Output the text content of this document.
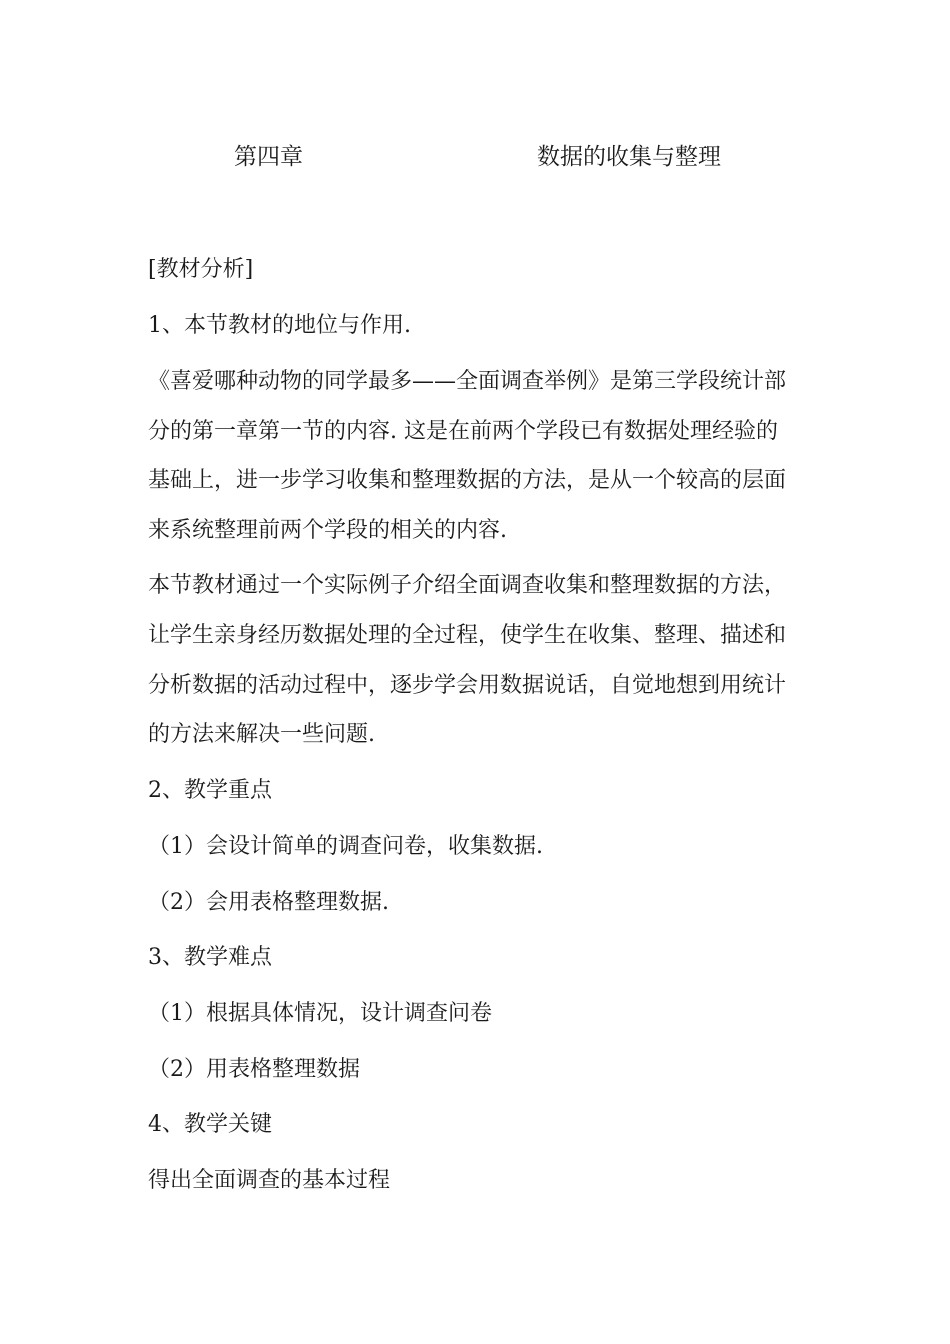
第四章	数据的收集与整理
[教材分析]
1、本节教材的地位与作用.
《喜爱哪种动物的同学最多——全面调查举例》是第三学段统计部
分的第一章第一节的内容. 这是在前两个学段已有数据处理经验的
基础上，进一步学习收集和整理数据的方法，是从一个较高的层面
来系统整理前两个学段的相关的内容.
本节教材通过一个实际例子介绍全面调查收集和整理数据的方法，
让学生亲身经历数据处理的全过程，使学生在收集、整理、描述和
分析数据的活动过程中，逐步学会用数据说话，自觉地想到用统计
的方法来解决一些问题.
2、教学重点
（1）会设计简单的调查问卷，收集数据.
（2）会用表格整理数据.
3、教学难点
（1）根据具体情况，设计调查问卷
（2）用表格整理数据
4、教学关键
得出全面调查的基本过程
